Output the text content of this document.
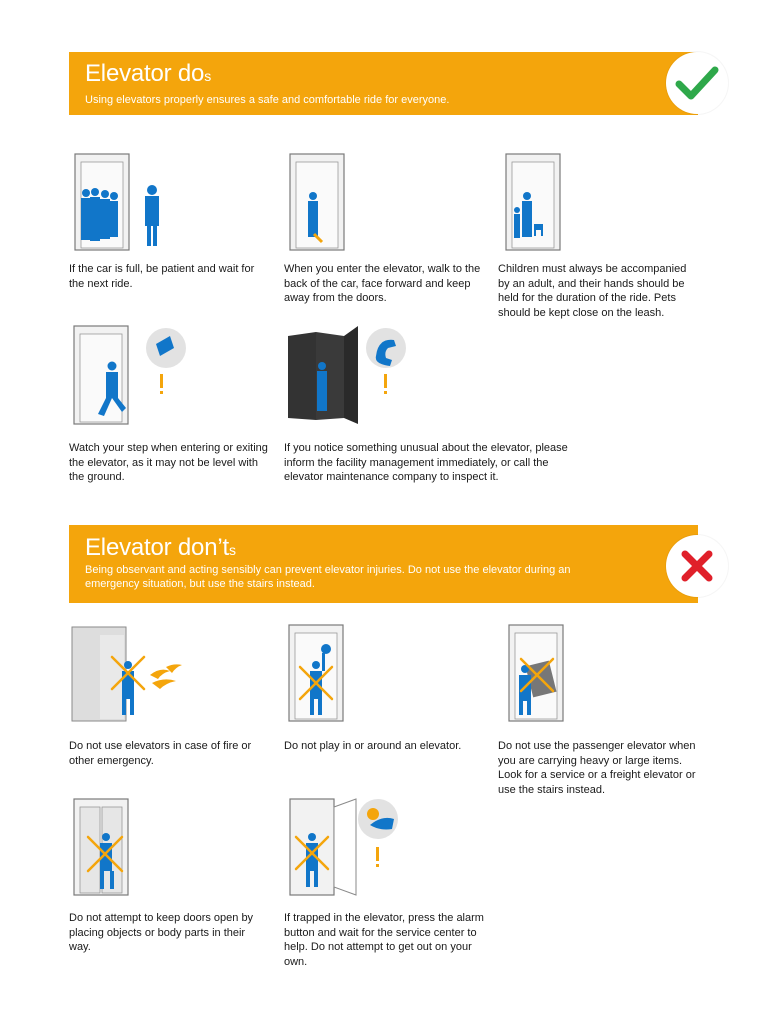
Elevator dos

Using elevators properly ensures a safe and comfortable ride for everyone.

If the car is full, be patient and wait for the next ride.
When you enter the elevator, walk to the back of the car, face forward and keep away from the doors.
Children must always be accompanied by an adult, and their hands should be held for the duration of the ride. Pets should be kept close on the leash.
Watch your step when entering or exiting the elevator, as it may not be level with the ground.
If you notice something unusual about the elevator, please inform the facility management immediately, or call the elevator maintenance company to inspect it.
Elevator don’ts

Being observant and acting sensibly can prevent elevator injuries. Do not use the elevator during an emergency situation, but use the stairs instead.

Do not use elevators in case of fire or other emergency.
Do not play in or around an elevator.	Do not use the passenger elevator when you are carrying heavy or large items. Look for a service or a freight elevator or use the stairs instead.
Do not attempt to keep doors open by placing objects or body parts in their way.
If trapped in the elevator, press the alarm button and wait for the service center to help. Do not attempt to get out on your own.
